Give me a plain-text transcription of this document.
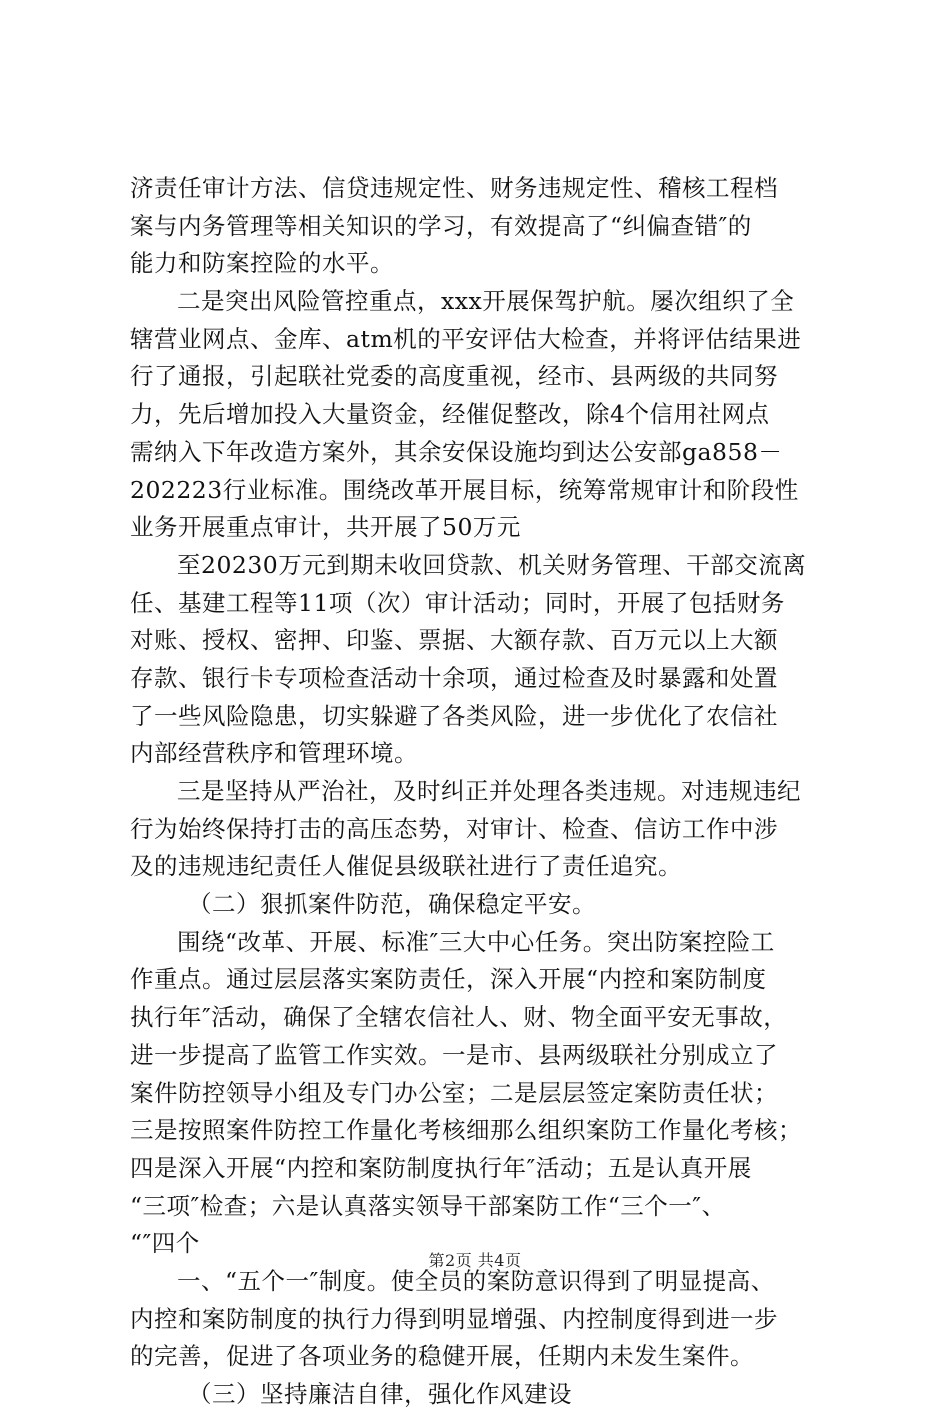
济责任审计方法、信贷违规定性、财务违规定性、稽核工程档
案与内务管理等相关知识的学习，有效提高了“纠偏查错″的
能力和防案控险的水平。
二是突出风险管控重点，xxx开展保驾护航。屡次组织了全
辖营业网点、金库、atm机的平安评估大检查，并将评估结果进
行了通报，引起联社党委的高度重视，经市、县两级的共同努
力，先后增加投入大量资金，经催促整改，除4个信用社网点
需纳入下年改造方案外，其余安保设施均到达公安部ga858－
202223行业标准。围绕改革开展目标，统筹常规审计和阶段性
业务开展重点审计，共开展了50万元
至20230万元到期未收回贷款、机关财务管理、干部交流离
任、基建工程等11项（次）审计活动；同时，开展了包括财务
对账、授权、密押、印鉴、票据、大额存款、百万元以上大额
存款、银行卡专项检查活动十余项，通过检查及时暴露和处置
了一些风险隐患，切实躲避了各类风险，进一步优化了农信社
内部经营秩序和管理环境。
三是坚持从严治社，及时纠正并处理各类违规。对违规违纪
行为始终保持打击的高压态势，对审计、检查、信访工作中涉
及的违规违纪责任人催促县级联社进行了责任追究。
（二）狠抓案件防范，确保稳定平安。
围绕“改革、开展、标准″三大中心任务。突出防案控险工
作重点。通过层层落实案防责任，深入开展“内控和案防制度
执行年″活动，确保了全辖农信社人、财、物全面平安无事故，
进一步提高了监管工作实效。一是市、县两级联社分别成立了
案件防控领导小组及专门办公室；二是层层签定案防责任状；
三是按照案件防控工作量化考核细那么组织案防工作量化考核；
四是深入开展“内控和案防制度执行年″活动；五是认真开展
“三项″检查；六是认真落实领导干部案防工作“三个一″、
“″四个
一、“五个一″制度。使全员的案防意识得到了明显提高、
内控和案防制度的执行力得到明显增强、内控制度得到进一步
的完善，促进了各项业务的稳健开展，任期内未发生案件。
（三）坚持廉洁自律，强化作风建设
第2页 共4页
